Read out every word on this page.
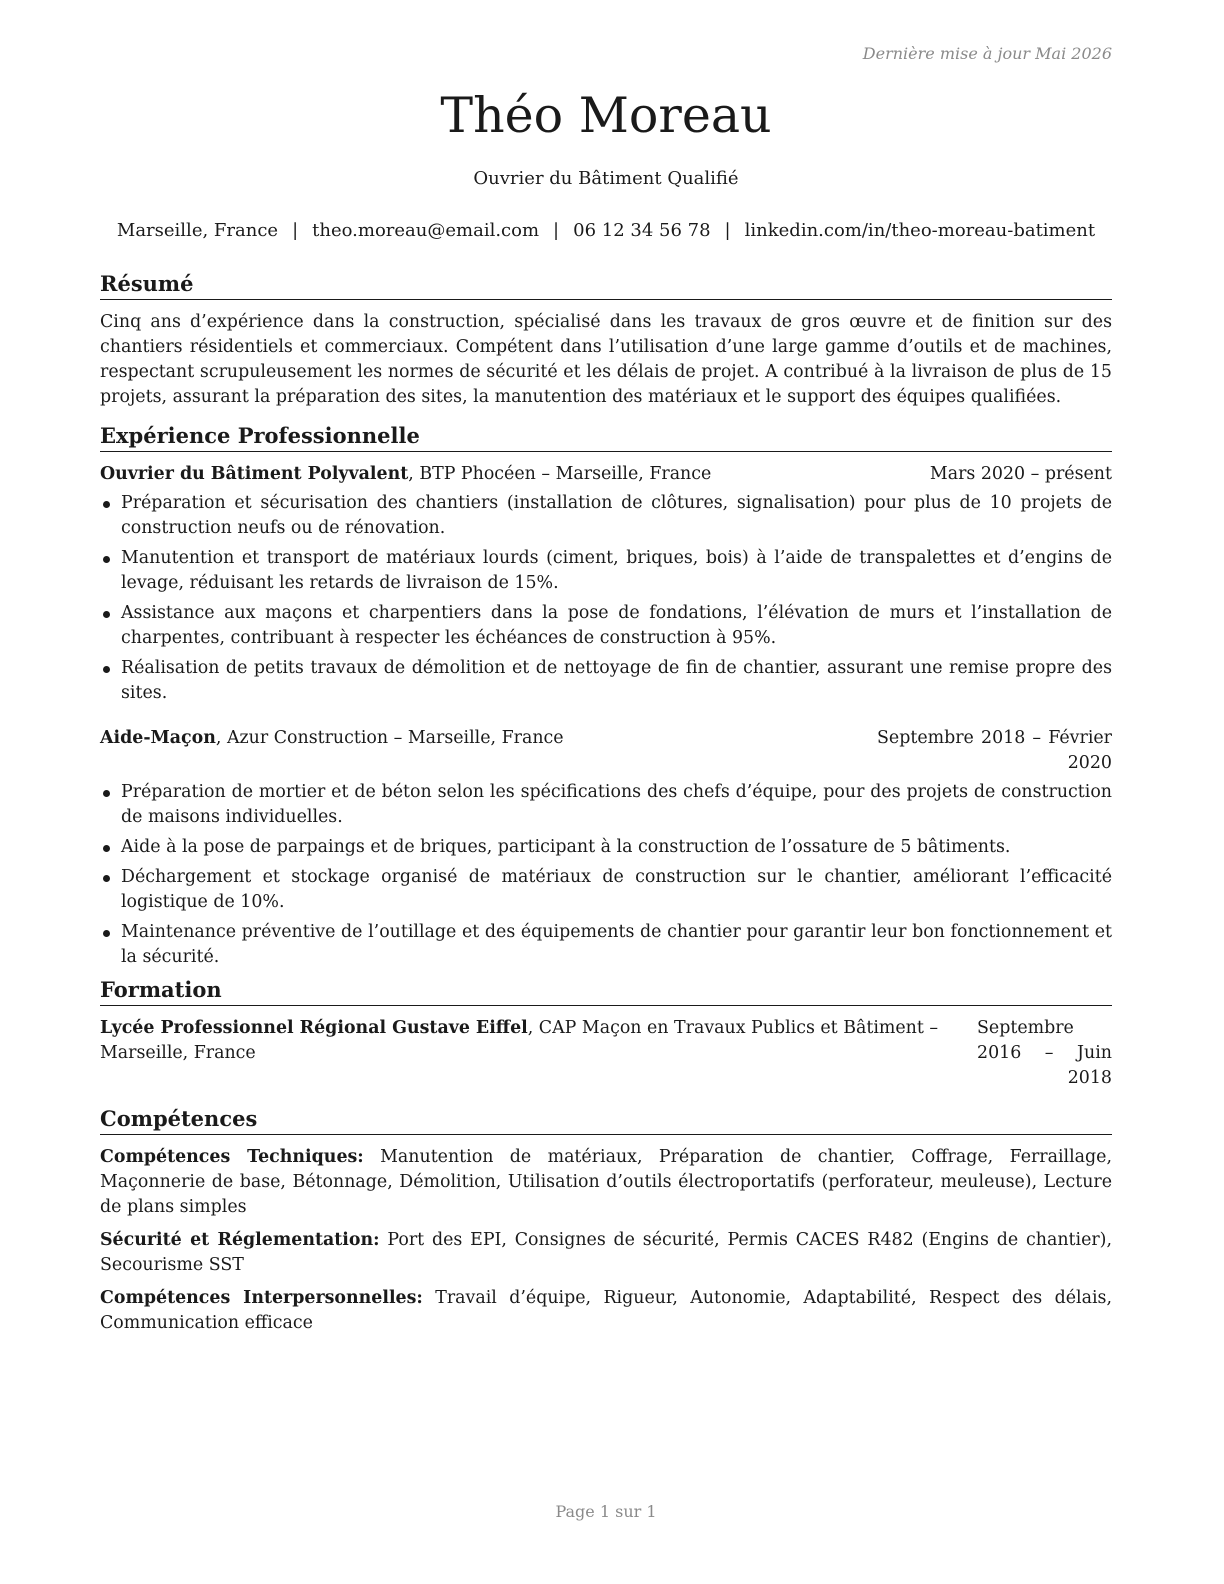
Dernière mise à jour Mai 2026
Théo Moreau
Ouvrier du Bâtiment Qualifié
Marseille, France | theo.moreau@email.com | 06 12 34 56 78 | linkedin.com/in/theo-moreau-batiment
Résumé

Cinq ans d’expérience dans la construction, spécialisé dans les travaux de gros œuvre et de finition sur des chantiers résidentiels et commerciaux. Compétent dans l’utilisation d’une large gamme d’outils et de machines, respectant scrupuleusement les normes de sécurité et les délais de projet. A contribué à la livraison de plus de 15 projets, assurant la préparation des sites, la manutention des matériaux et le support des équipes qualifiées.

Expérience Professionnelle
Ouvrier du Bâtiment Polyvalent, BTP Phocéen – Marseille, France	Mars 2020 – présent
Préparation et sécurisation des chantiers (installation de clôtures, signalisation) pour plus de 10 projets de construction neufs ou de rénovation.
Manutention et transport de matériaux lourds (ciment, briques, bois) à l’aide de transpalettes et d’engins de levage, réduisant les retards de livraison de 15%.
Assistance aux maçons et charpentiers dans la pose de fondations, l’élévation de murs et l’installation de charpentes, contribuant à respecter les échéances de construction à 95%.
Réalisation de petits travaux de démolition et de nettoyage de fin de chantier, assurant une remise propre des sites.
Aide-Maçon, Azur Construction – Marseille, France	Septembre 2018 – Février 2020
Préparation de mortier et de béton selon les spécifications des chefs d’équipe, pour des projets de construction de maisons individuelles.
Aide à la pose de parpaings et de briques, participant à la construction de l’ossature de 5 bâtiments.
Déchargement et stockage organisé de matériaux de construction sur le chantier, améliorant l’efficacité logistique de 10%.
Maintenance préventive de l’outillage et des équipements de chantier pour garantir leur bon fonctionnement et la sécurité.
Formation
Lycée Professionnel Régional Gustave Eiffel, CAP Maçon en Travaux Publics et Bâtiment – Marseille, France
Septembre 2016 – Juin 2018
Compétences

Compétences Techniques: Manutention de matériaux, Préparation de chantier, Coffrage, Ferraillage, Maçonnerie de base, Bétonnage, Démolition, Utilisation d’outils électroportatifs (perforateur, meuleuse), Lecture de plans simples

Sécurité et Réglementation: Port des EPI, Consignes de sécurité, Permis CACES R482 (Engins de chantier), Secourisme SST

Compétences Interpersonnelles: Travail d’équipe, Rigueur, Autonomie, Adaptabilité, Respect des délais, Communication efficace

Page 1 sur 1
